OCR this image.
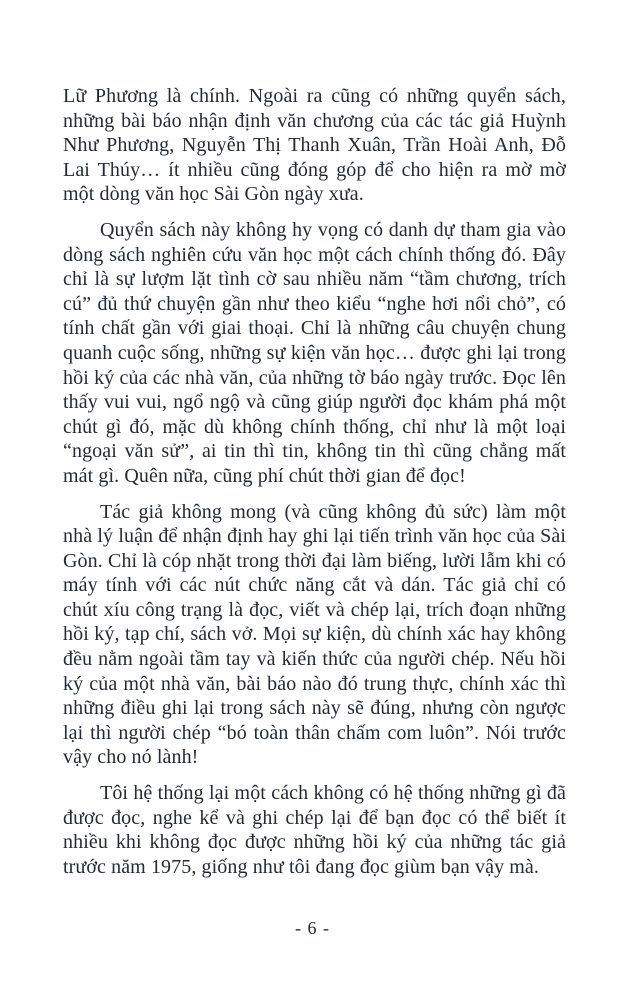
Lữ Phương là chính. Ngoài ra cũng có những quyển sách, những bài báo nhận định văn chương của các tác giả Huỳnh Như Phương, Nguyễn Thị Thanh Xuân, Trần Hoài Anh, Đỗ Lai Thúy… ít nhiều cũng đóng góp để cho hiện ra mờ mờ một dòng văn học Sài Gòn ngày xưa.

Quyển sách này không hy vọng có danh dự tham gia vào dòng sách nghiên cứu văn học một cách chính thống đó. Đây chỉ là sự lượm lặt tình cờ sau nhiều năm “tầm chương, trích cú” đủ thứ chuyện gần như theo kiểu “nghe hơi nổi chỏ”, có tính chất gần với giai thoại. Chỉ là những câu chuyện chung quanh cuộc sống, những sự kiện văn học… được ghi lại trong hồi ký của các nhà văn, của những tờ báo ngày trước. Đọc lên thấy vui vui, ngổ ngộ và cũng giúp người đọc khám phá một chút gì đó, mặc dù không chính thống, chỉ như là một loại “ngoại văn sử”, ai tin thì tin, không tin thì cũng chẳng mất mát gì. Quên nữa, cũng phí chút thời gian để đọc!

Tác giả không mong (và cũng không đủ sức) làm một nhà lý luận để nhận định hay ghi lại tiến trình văn học của Sài Gòn. Chỉ là cóp nhặt trong thời đại làm biếng, lười lẫm khi có máy tính với các nút chức năng cắt và dán. Tác giả chỉ có chút xíu công trạng là đọc, viết và chép lại, trích đoạn những hồi ký, tạp chí, sách vở. Mọi sự kiện, dù chính xác hay không đều nằm ngoài tầm tay và kiến thức của người chép. Nếu hồi ký của một nhà văn, bài báo nào đó trung thực, chính xác thì những điều ghi lại trong sách này sẽ đúng, nhưng còn ngược lại thì người chép “bó toàn thân chấm com luôn”. Nói trước vậy cho nó lành!

Tôi hệ thống lại một cách không có hệ thống những gì đã được đọc, nghe kể và ghi chép lại để bạn đọc có thể biết ít nhiều khi không đọc được những hồi ký của những tác giả trước năm 1975, giống như tôi đang đọc giùm bạn vậy mà.

- 6 -
